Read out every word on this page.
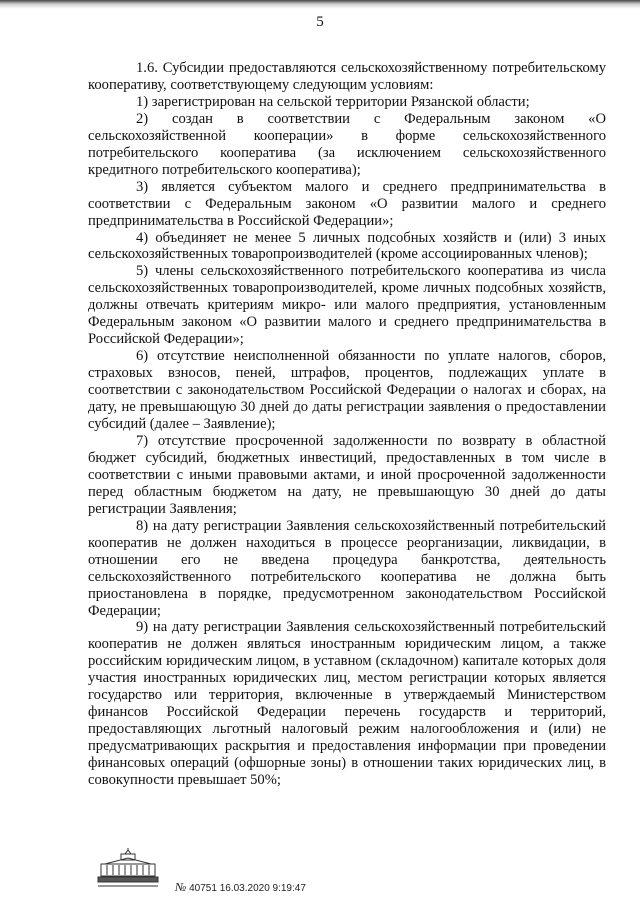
5

1.6. Субсидии предоставляются сельскохозяйственному потребительскому кооперативу, соответствующему следующим условиям:

1) зарегистрирован на сельской территории Рязанской области;

2) создан в соответствии с Федеральным законом «О сельскохозяйственной кооперации» в форме сельскохозяйственного потребительского кооператива (за исключением сельскохозяйственного кредитного потребительского кооператива);

3) является субъектом малого и среднего предпринимательства в соответствии с Федеральным законом «О развитии малого и среднего предпринимательства в Российской Федерации»;

4) объединяет не менее 5 личных подсобных хозяйств и (или) 3 иных сельскохозяйственных товаропроизводителей (кроме ассоциированных членов);

5) члены сельскохозяйственного потребительского кооператива из числа сельскохозяйственных товаропроизводителей, кроме личных подсобных хозяйств, должны отвечать критериям микро- или малого предприятия, установленным Федеральным законом «О развитии малого и среднего предпринимательства в Российской Федерации»;

6) отсутствие неисполненной обязанности по уплате налогов, сборов, страховых взносов, пеней, штрафов, процентов, подлежащих уплате в соответствии с законодательством Российской Федерации о налогах и сборах, на дату, не превышающую 30 дней до даты регистрации заявления о предоставлении субсидий (далее – Заявление);

7) отсутствие просроченной задолженности по возврату в областной бюджет субсидий, бюджетных инвестиций, предоставленных в том числе в соответствии с иными правовыми актами, и иной просроченной задолженности перед областным бюджетом на дату, не превышающую 30 дней до даты регистрации Заявления;

8) на дату регистрации Заявления сельскохозяйственный потребительский кооператив не должен находиться в процессе реорганизации, ликвидации, в отношении его не введена процедура банкротства, деятельность сельскохозяйственного потребительского кооператива не должна быть приостановлена в порядке, предусмотренном законодательством Российской Федерации;

9) на дату регистрации Заявления сельскохозяйственный потребительский кооператив не должен являться иностранным юридическим лицом, а также российским юридическим лицом, в уставном (складочном) капитале которых доля участия иностранных юридических лиц, местом регистрации которых является государство или территория, включенные в утверждаемый Министерством финансов Российской Федерации перечень государств и территорий, предоставляющих льготный налоговый режим налогообложения и (или) не предусматривающих раскрытия и предоставления информации при проведении финансовых операций (офшорные зоны) в отношении таких юридических лиц, в совокупности превышает 50%;

№ 40751 16.03.2020 9:19:47
